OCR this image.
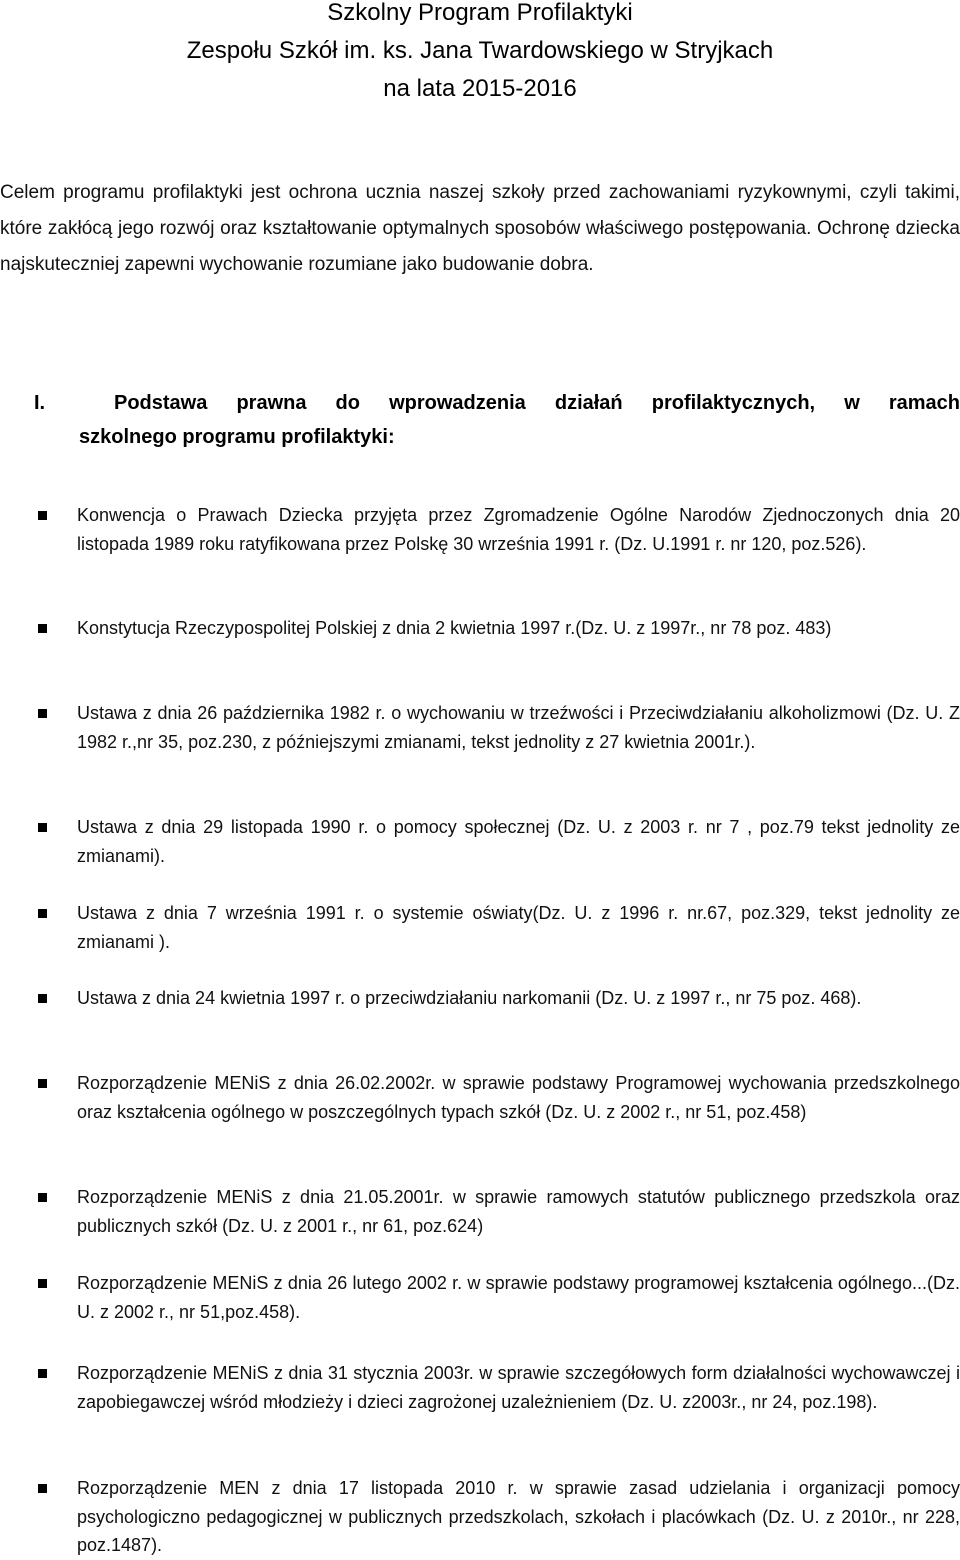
Szkolny Program Profilaktyki
Zespołu Szkół im. ks. Jana Twardowskiego w Stryjkach
na lata 2015-2016

Celem programu profilaktyki jest ochrona ucznia naszej szkoły przed zachowaniami ryzykownymi, czyli takimi, które zakłócą jego rozwój oraz kształtowanie optymalnych sposobów właściwego postępowania. Ochronę dziecka najskuteczniej zapewni wychowanie rozumiane jako budowanie dobra.

I.	Podstawa prawna do wprowadzenia działań profilaktycznych, w ramach
szkolnego programu profilaktyki:
Konwencja o Prawach Dziecka przyjęta przez Zgromadzenie Ogólne Narodów Zjednoczonych dnia 20 listopada 1989 roku ratyfikowana przez Polskę 30 września 1991 r. (Dz. U.1991 r. nr 120, poz.526).
Konstytucja Rzeczypospolitej Polskiej z dnia 2 kwietnia 1997 r.(Dz. U. z 1997r., nr 78 poz. 483)
Ustawa z dnia 26 października 1982 r. o wychowaniu w trzeźwości i Przeciwdziałaniu alkoholizmowi (Dz. U. Z 1982 r.,nr 35, poz.230, z późniejszymi zmianami, tekst jednolity z 27 kwietnia 2001r.).
Ustawa z dnia 29 listopada 1990 r. o pomocy społecznej (Dz. U. z 2003 r. nr 7 , poz.79 tekst jednolity ze zmianami).
Ustawa z dnia 7 września 1991 r. o systemie oświaty(Dz. U. z 1996 r. nr.67, poz.329, tekst jednolity ze zmianami ).
Ustawa z dnia 24 kwietnia 1997 r. o przeciwdziałaniu narkomanii (Dz. U. z 1997 r., nr 75 poz. 468).
Rozporządzenie MENiS z dnia 26.02.2002r. w sprawie podstawy Programowej wychowania przedszkolnego oraz kształcenia ogólnego w poszczególnych typach szkół (Dz. U. z 2002 r., nr 51, poz.458)
Rozporządzenie MENiS z dnia 21.05.2001r. w sprawie ramowych statutów publicznego przedszkola oraz publicznych szkół (Dz. U. z 2001 r., nr 61, poz.624)
Rozporządzenie MENiS z dnia 26 lutego 2002 r. w sprawie podstawy programowej kształcenia ogólnego...(Dz. U. z 2002 r., nr 51,poz.458).
Rozporządzenie MENiS z dnia 31 stycznia 2003r. w sprawie szczegółowych form działalności wychowawczej i zapobiegawczej wśród młodzieży i dzieci zagrożonej uzależnieniem (Dz. U. z2003r., nr 24, poz.198).
Rozporządzenie MEN z dnia 17 listopada 2010 r. w sprawie zasad udzielania i organizacji pomocy psychologiczno pedagogicznej w publicznych przedszkolach, szkołach i placówkach (Dz. U. z 2010r., nr 228, poz.1487).
